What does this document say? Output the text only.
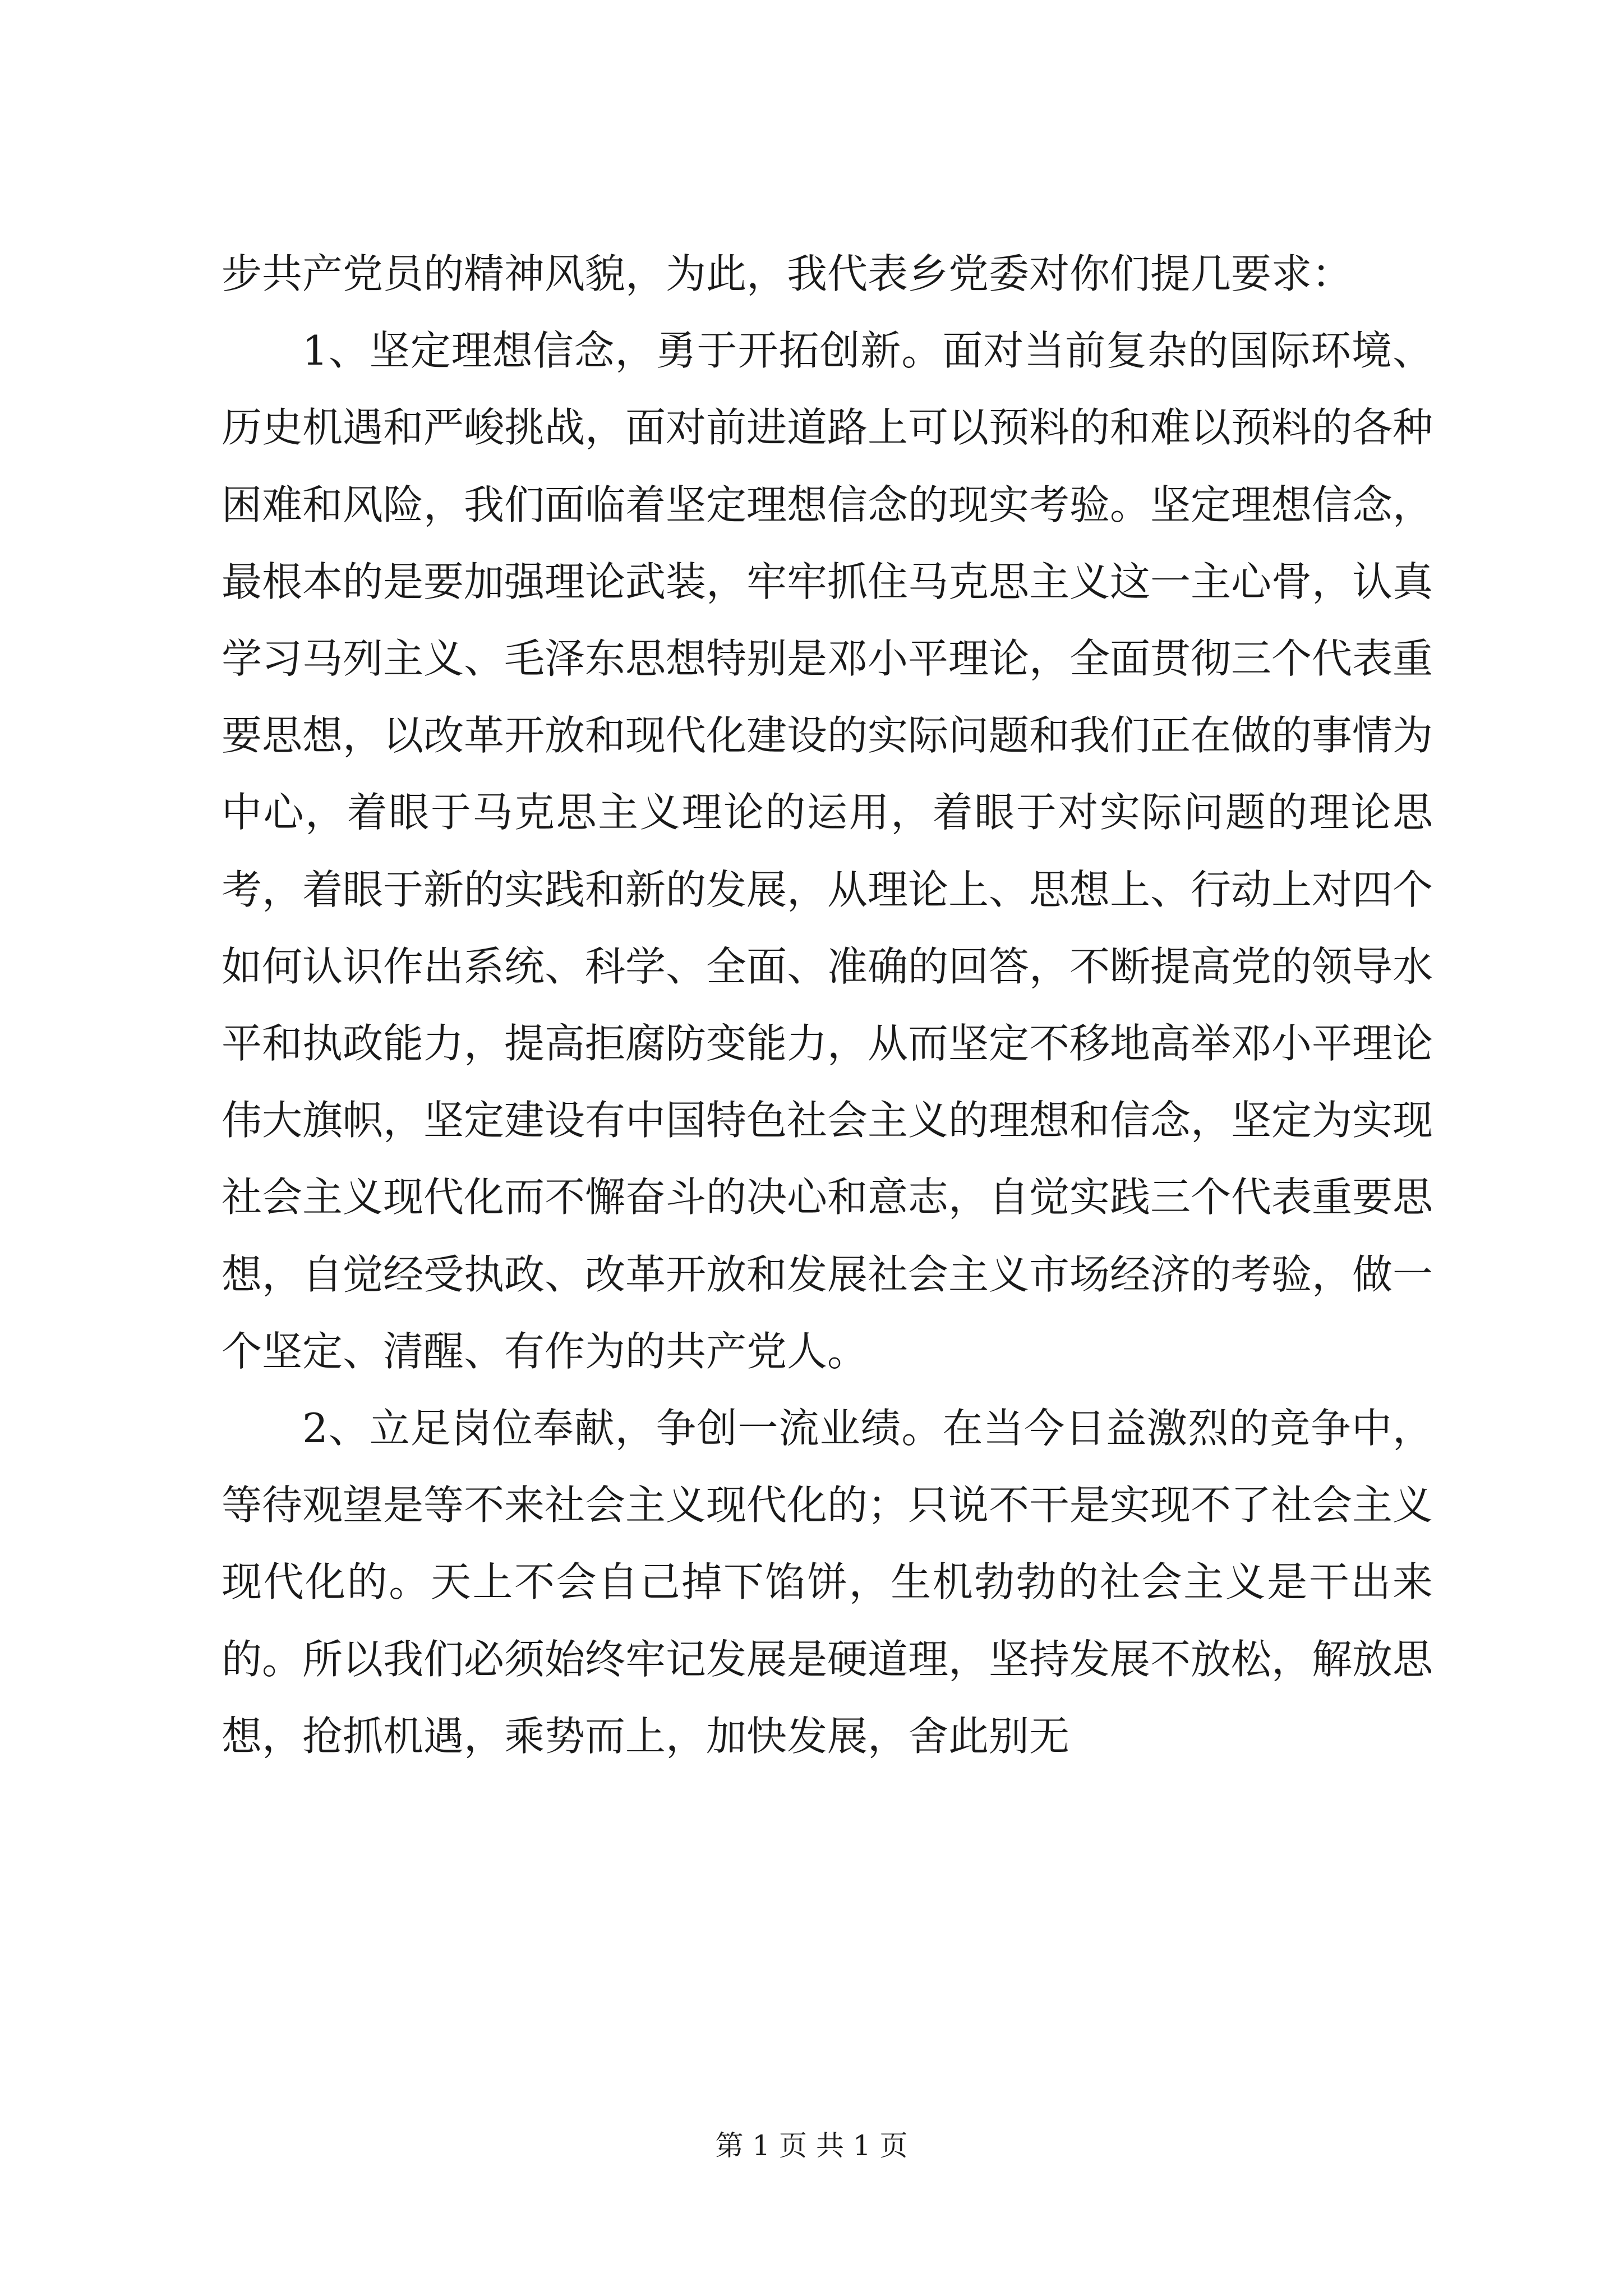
步共产党员的精神风貌，为此，我代表乡党委对你们提几要求：

1、坚定理想信念，勇于开拓创新。面对当前复杂的国际环境、历史机遇和严峻挑战，面对前进道路上可以预料的和难以预料的各种困难和风险，我们面临着坚定理想信念的现实考验。坚定理想信念，最根本的是要加强理论武装，牢牢抓住马克思主义这一主心骨，认真学习马列主义、毛泽东思想特别是邓小平理论，全面贯彻三个代表重要思想，以改革开放和现代化建设的实际问题和我们正在做的事情为中心，着眼于马克思主义理论的运用，着眼于对实际问题的理论思考，着眼于新的实践和新的发展，从理论上、思想上、行动上对四个如何认识作出系统、科学、全面、准确的回答，不断提高党的领导水平和执政能力，提高拒腐防变能力，从而坚定不移地高举邓小平理论伟大旗帜，坚定建设有中国特色社会主义的理想和信念，坚定为实现社会主义现代化而不懈奋斗的决心和意志，自觉实践三个代表重要思想，自觉经受执政、改革开放和发展社会主义市场经济的考验，做一个坚定、清醒、有作为的共产党人。

2、立足岗位奉献，争创一流业绩。在当今日益激烈的竞争中，等待观望是等不来社会主义现代化的；只说不干是实现不了社会主义现代化的。天上不会自己掉下馅饼，生机勃勃的社会主义是干出来的。所以我们必须始终牢记发展是硬道理，坚持发展不放松，解放思想，抢抓机遇，乘势而上，加快发展，舍此别无

第 1 页 共 1 页
